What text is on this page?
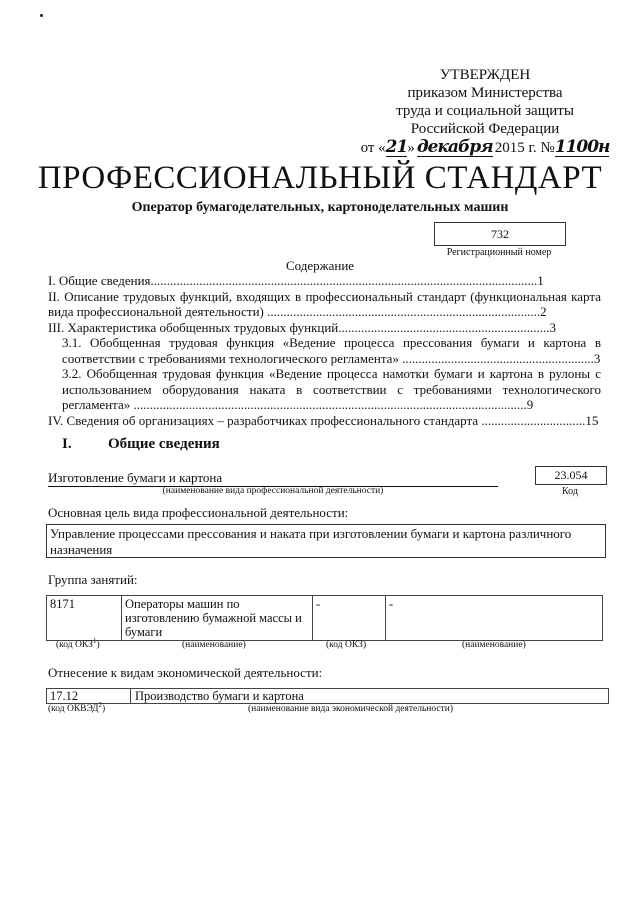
УТВЕРЖДЕН
приказом Министерства
труда и социальной защиты
Российской Федерации
от « 21 » декабря 2015 г. № 1100н
ПРОФЕССИОНАЛЬНЫЙ СТАНДАРТ
Оператор бумагоделательных, картоноделательных машин
732
Регистрационный номер
Содержание
I. Общие сведения.......................................................................................................................1
II. Описание трудовых функций, входящих в профессиональный стандарт (функциональная карта вида профессиональной деятельности) ....................................................................................2
III. Характеристика обобщенных трудовых функций.................................................................3
3.1. Обобщенная трудовая функция «Ведение процесса прессования бумаги и картона в соответствии с требованиями технологического регламента» ...........................................................3
3.2. Обобщенная трудовая функция «Ведение процесса намотки бумаги и картона в рулоны с использованием оборудования наката в соответствии с требованиями технологического регламента» .........................................................................................................................9
IV. Сведения об организациях – разработчиках профессионального стандарта ................................15
I. Общие сведения
Изготовление бумаги и картона
(наименование вида профессиональной деятельности)
23.054
Код
Основная цель вида профессиональной деятельности:
Управление процессами прессования и наката при изготовлении бумаги и картона различного назначения
Группа занятий:
8171	Операторы машин по изготовлению бумажной массы и бумаги	-	-
(код ОКЗ$^1$)	(наименование)	(код ОКЗ)	(наименование)
Отнесение к видам экономической деятельности:
17.12	Производство бумаги и картона
(код ОКВЭД$^2$)	(наименование вида экономической деятельности)
